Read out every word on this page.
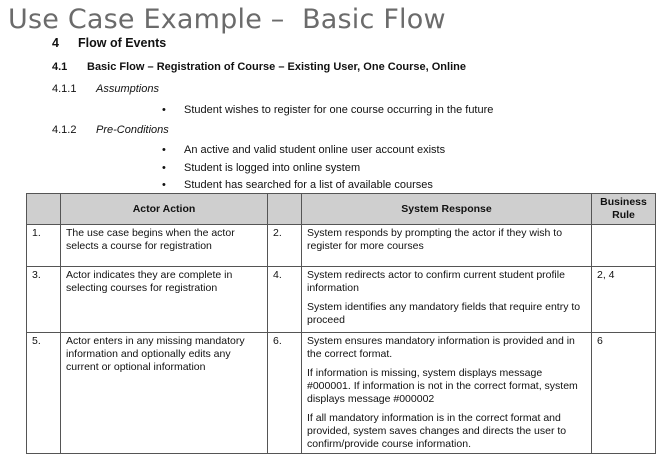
Use Case Example –  Basic Flow
4 Flow of Events
4.1 Basic Flow – Registration of Course – Existing User, One Course, Online
4.1.1 Assumptions
• Student wishes to register for one course occurring in the future
4.1.2 Pre-Conditions
• An active and valid student online user account exists
• Student is logged into online system
• Student has searched for a list of available courses
	Actor Action		System Response	Business
Rule
1.	The use case begins when the actor selects a course for registration	2.	System responds by prompting the actor if they wish to register for more courses	

3.	Actor indicates they are complete in selecting courses for registration	4.	System redirects actor to confirm current student profile information

System identifies any mandatory fields that require entry to proceed	2, 4
5.	Actor enters in any missing mandatory information and optionally edits any current or optional information	6.	System ensures mandatory information is provided and in the correct format.

If information is missing, system displays message #000001. If information is not in the correct format, system displays message #000002

If all mandatory information is in the correct format and provided, system saves changes and directs the user to confirm/provide course information.	6
